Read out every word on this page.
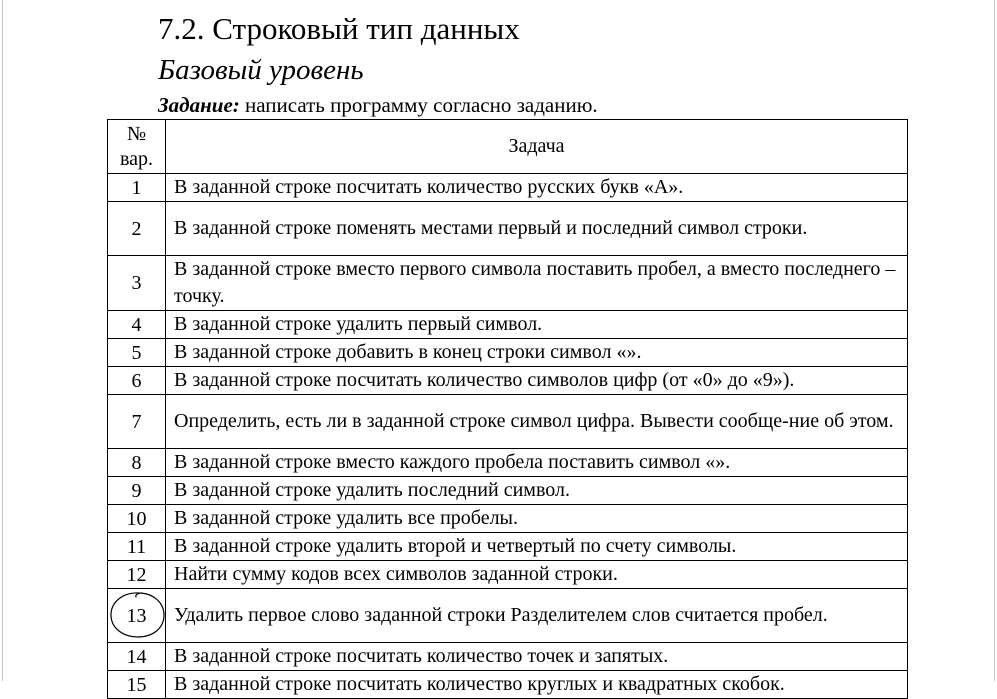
7.2. Строковый тип данных
Базовый уровень
Задание: написать программу согласно заданию.
№
вар.	Задача
1	В заданной строке посчитать количество русских букв «А».
2	В заданной строке поменять местами первый и последний символ строки.
3	В заданной строке вместо первого символа поставить пробел, а вместо последнего – точку.
4	В заданной строке удалить первый символ.
5	В заданной строке добавить в конец строки символ «».
6	В заданной строке посчитать количество символов цифр (от «0» до «9»).
7	Определить, есть ли в заданной строке символ цифра. Вывести сообще-ние об этом.
8	В заданной строке вместо каждого пробела поставить символ «».
9	В заданной строке удалить последний символ.
10	В заданной строке удалить все пробелы.
11	В заданной строке удалить второй и четвертый по счету символы.
12	Найти сумму кодов всех символов заданной строки.
13	Удалить первое слово заданной строки Разделителем слов считается пробел.
14	В заданной строке посчитать количество точек и запятых.
15	В заданной строке посчитать количество круглых и квадратных скобок.
